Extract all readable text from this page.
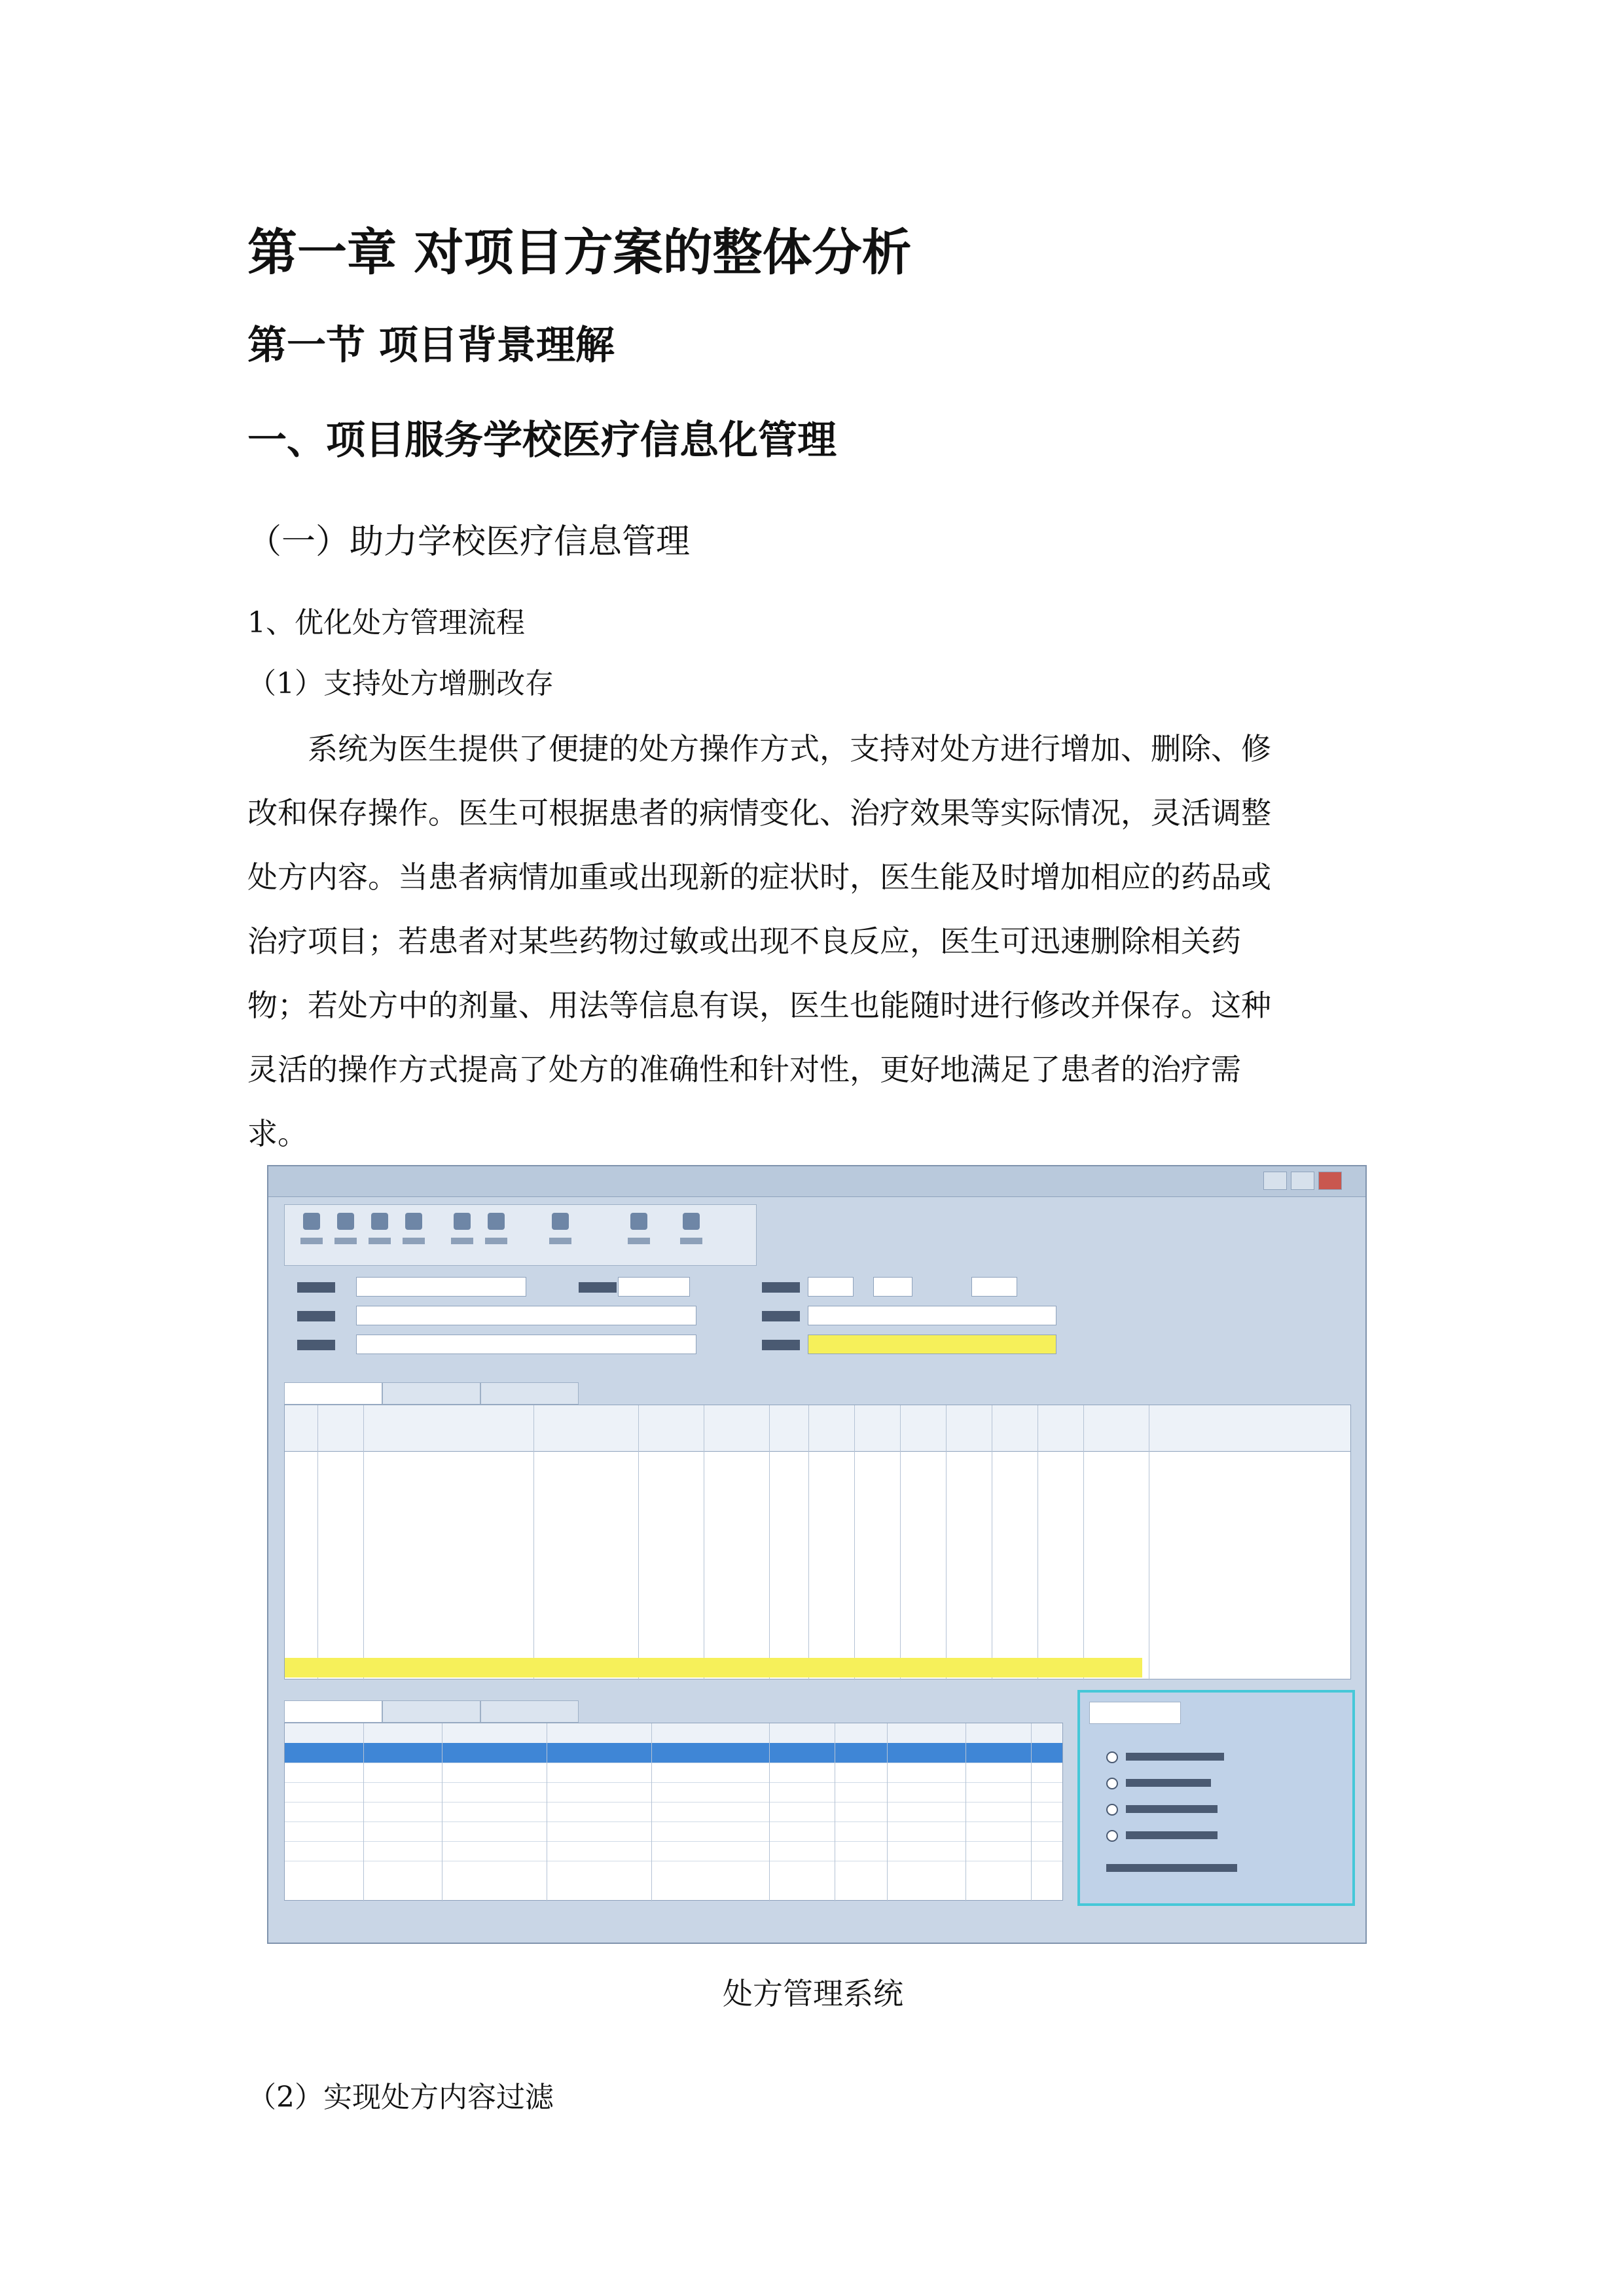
第一章 对项目方案的整体分析
第一节 项目背景理解
一、项目服务学校医疗信息化管理
（一）助力学校医疗信息管理
1、优化处方管理流程
（1）支持处方增删改存
系统为医生提供了便捷的处方操作方式，支持对处方进行增加、删除、修
改和保存操作。医生可根据患者的病情变化、治疗效果等实际情况，灵活调整
处方内容。当患者病情加重或出现新的症状时，医生能及时增加相应的药品或
治疗项目；若患者对某些药物过敏或出现不良反应，医生可迅速删除相关药
物；若处方中的剂量、用法等信息有误，医生也能随时进行修改并保存。这种
灵活的操作方式提高了处方的准确性和针对性，更好地满足了患者的治疗需
求。
处方管理系统
（2）实现处方内容过滤
